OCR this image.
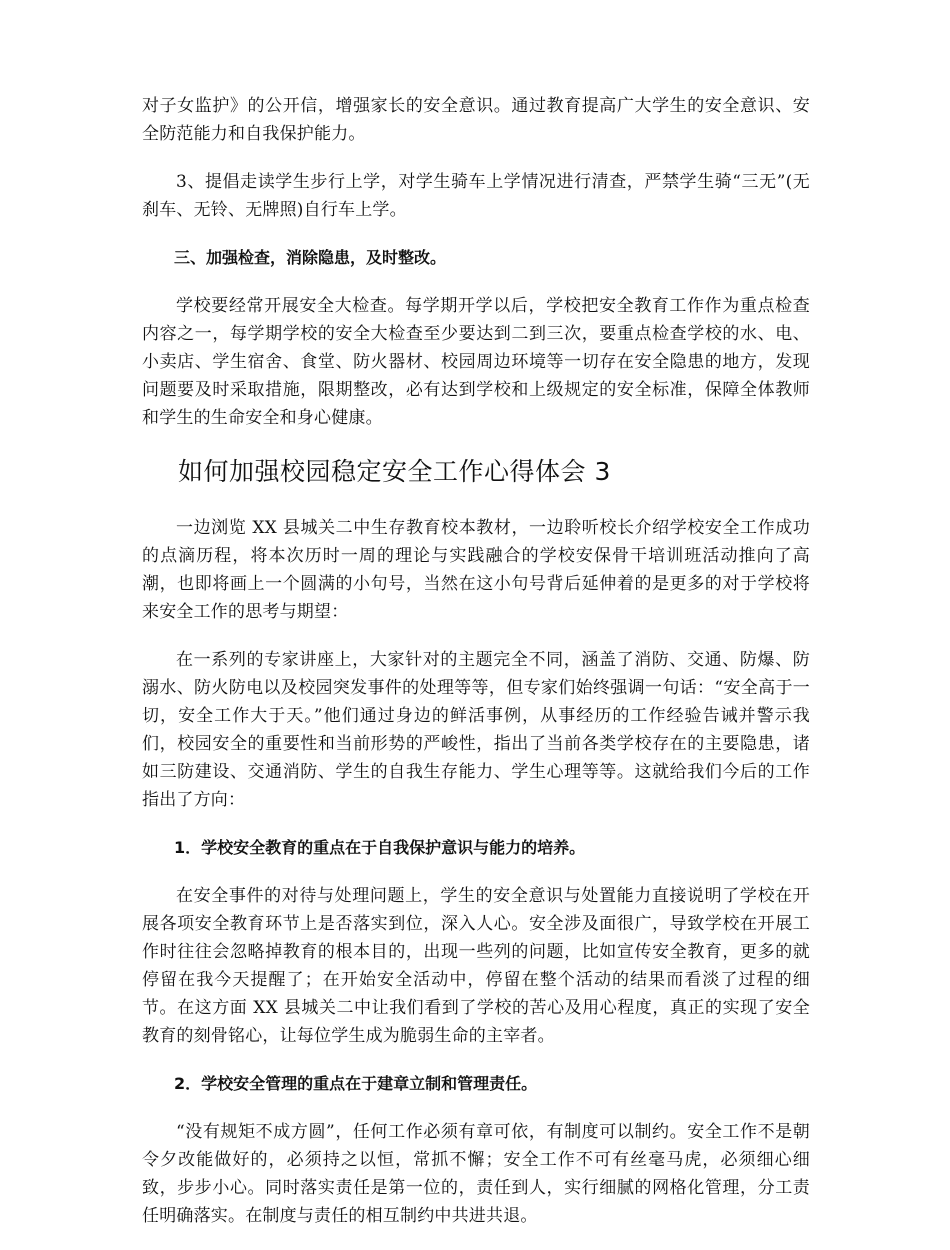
对子女监护》的公开信，增强家长的安全意识。通过教育提高广大学生的安全意识、安全防范能力和自我保护能力。

3、提倡走读学生步行上学，对学生骑车上学情况进行清查，严禁学生骑“三无”(无刹车、无铃、无牌照)自行车上学。

三、加强检查，消除隐患，及时整改。

学校要经常开展安全大检查。每学期开学以后，学校把安全教育工作作为重点检查内容之一，每学期学校的安全大检查至少要达到二到三次，要重点检查学校的水、电、小卖店、学生宿舍、食堂、防火器材、校园周边环境等一切存在安全隐患的地方，发现问题要及时采取措施，限期整改，必有达到学校和上级规定的安全标准，保障全体教师和学生的生命安全和身心健康。

如何加强校园稳定安全工作心得体会 3

一边浏览 XX 县城关二中生存教育校本教材，一边聆听校长介绍学校安全工作成功的点滴历程，将本次历时一周的理论与实践融合的学校安保骨干培训班活动推向了高潮，也即将画上一个圆满的小句号，当然在这小句号背后延伸着的是更多的对于学校将来安全工作的思考与期望：

在一系列的专家讲座上，大家针对的主题完全不同，涵盖了消防、交通、防爆、防溺水、防火防电以及校园突发事件的处理等等，但专家们始终强调一句话：“安全高于一切，安全工作大于天。”他们通过身边的鲜活事例，从事经历的工作经验告诫并警示我们，校园安全的重要性和当前形势的严峻性，指出了当前各类学校存在的主要隐患，诸如三防建设、交通消防、学生的自我生存能力、学生心理等等。这就给我们今后的工作指出了方向：

1．学校安全教育的重点在于自我保护意识与能力的培养。

在安全事件的对待与处理问题上，学生的安全意识与处置能力直接说明了学校在开展各项安全教育环节上是否落实到位，深入人心。安全涉及面很广，导致学校在开展工作时往往会忽略掉教育的根本目的，出现一些列的问题，比如宣传安全教育，更多的就停留在我今天提醒了；在开始安全活动中，停留在整个活动的结果而看淡了过程的细节。在这方面 XX 县城关二中让我们看到了学校的苦心及用心程度，真正的实现了安全教育的刻骨铭心，让每位学生成为脆弱生命的主宰者。

2．学校安全管理的重点在于建章立制和管理责任。

“没有规矩不成方圆”，任何工作必须有章可依，有制度可以制约。安全工作不是朝令夕改能做好的，必须持之以恒，常抓不懈；安全工作不可有丝毫马虎，必须细心细致，步步小心。同时落实责任是第一位的，责任到人，实行细腻的网格化管理，分工责任明确落实。在制度与责任的相互制约中共进共退。
